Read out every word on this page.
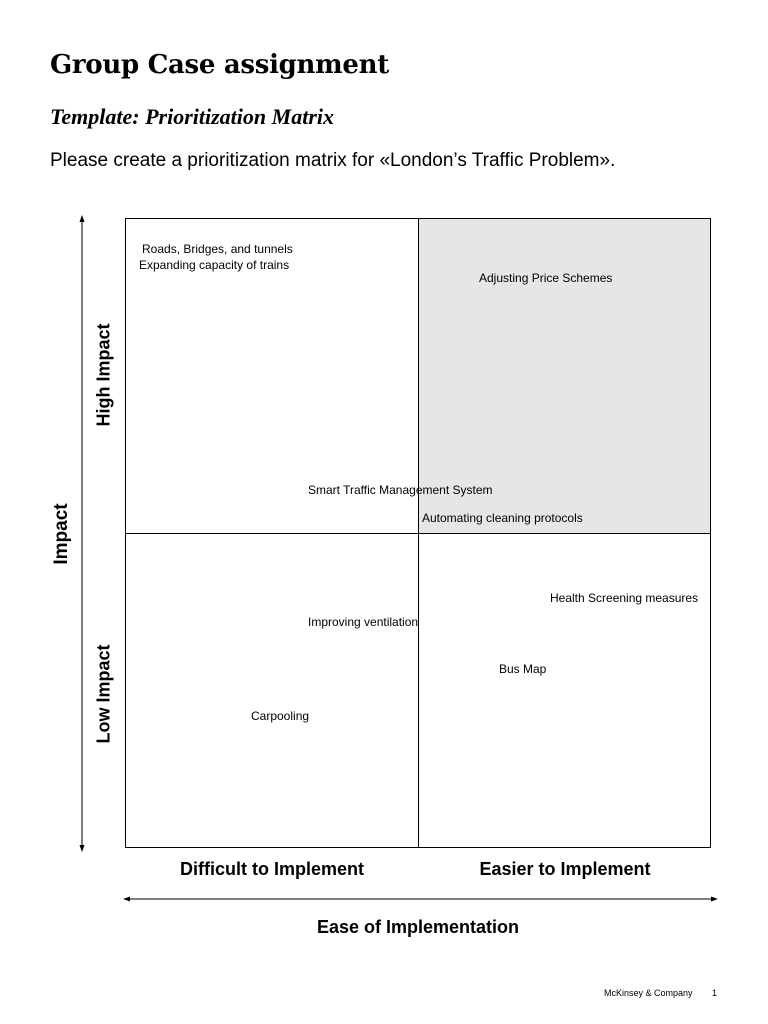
Group Case assignment
Template: Prioritization Matrix

Please create a prioritization matrix for «London’s Traffic Problem».

Impact
High Impact
Low Impact
Roads, Bridges, and tunnels
Expanding capacity of trains
Adjusting Price Schemes
Smart Traffic Management System
Automating cleaning protocols
Health Screening measures
Improving ventilation
Bus Map
Carpooling
Difficult to Implement	Easier to Implement
Ease of Implementation
McKinsey & Company 1
